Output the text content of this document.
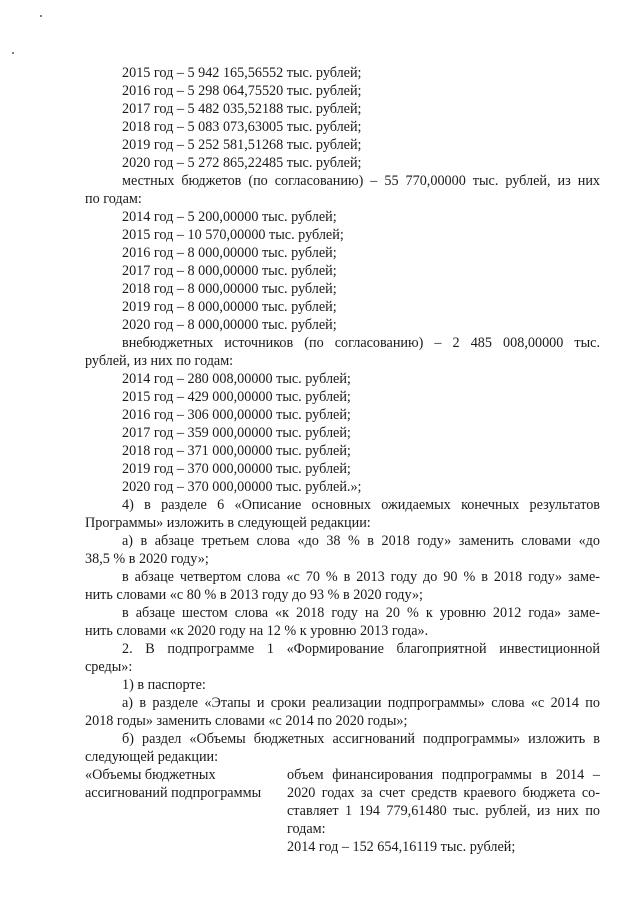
2015 год – 5 942 165,56552 тыс. рублей;
2016 год – 5 298 064,75520 тыс. рублей;
2017 год – 5 482 035,52188 тыс. рублей;
2018 год – 5 083 073,63005 тыс. рублей;
2019 год – 5 252 581,51268 тыс. рублей;
2020 год – 5 272 865,22485 тыс. рублей;
местных бюджетов (по согласованию) – 55 770,00000 тыс. рублей, из них
по годам:
2014 год – 5 200,00000 тыс. рублей;
2015 год – 10 570,00000 тыс. рублей;
2016 год – 8 000,00000 тыс. рублей;
2017 год – 8 000,00000 тыс. рублей;
2018 год – 8 000,00000 тыс. рублей;
2019 год – 8 000,00000 тыс. рублей;
2020 год – 8 000,00000 тыс. рублей;
внебюджетных источников (по согласованию) – 2 485 008,00000 тыс.
рублей, из них по годам:
2014 год – 280 008,00000 тыс. рублей;
2015 год – 429 000,00000 тыс. рублей;
2016 год – 306 000,00000 тыс. рублей;
2017 год – 359 000,00000 тыс. рублей;
2018 год – 371 000,00000 тыс. рублей;
2019 год – 370 000,00000 тыс. рублей;
2020 год – 370 000,00000 тыс. рублей.»;
4) в разделе 6 «Описание основных ожидаемых конечных результатов
Программы» изложить в следующей редакции:
а) в абзаце третьем слова «до 38 % в 2018 году» заменить словами «до
38,5 % в 2020 году»;
в абзаце четвертом слова «с 70 % в 2013 году до 90 % в 2018 году» заме-
нить словами «с 80 % в 2013 году до 93 % в 2020 году»;
в абзаце шестом слова «к 2018 году на 20 % к уровню 2012 года» заме-
нить словами «к 2020 году на 12 % к уровню 2013 года».
2. В подпрограмме 1 «Формирование благоприятной инвестиционной
среды»:
1) в паспорте:
а) в разделе «Этапы и сроки реализации подпрограммы» слова «с 2014 по
2018 годы» заменить словами «с 2014 по 2020 годы»;
б) раздел «Объемы бюджетных ассигнований подпрограммы» изложить в
следующей редакции:
«Объемы бюджетных
ассигнований подпрограммы
объем финансирования подпрограммы в 2014 –
2020 годах за счет средств краевого бюджета со-
ставляет 1 194 779,61480 тыс. рублей, из них по
годам:
2014 год – 152 654,16119 тыс. рублей;
